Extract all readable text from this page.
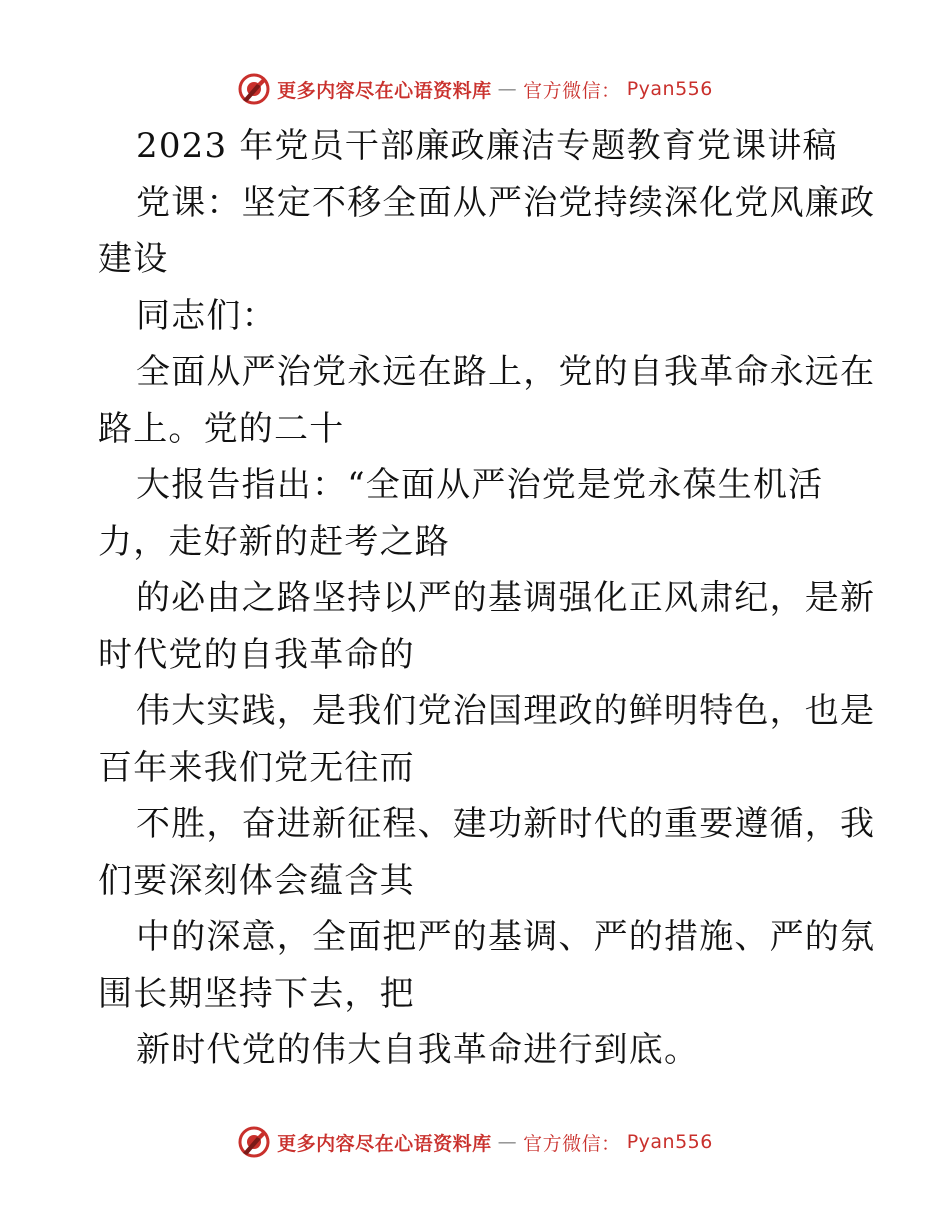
更多内容尽在心语资料库 — 官方微信： Pyan556
2023 年党员干部廉政廉洁专题教育党课讲稿
党课：坚定不移全面从严治党持续深化党风廉政
建设
同志们：
全面从严治党永远在路上，党的自我革命永远在
路上。党的二十
大报告指出：“全面从严治党是党永葆生机活
力，走好新的赶考之路
的必由之路坚持以严的基调强化正风肃纪，是新
时代党的自我革命的
伟大实践，是我们党治国理政的鲜明特色，也是
百年来我们党无往而
不胜，奋进新征程、建功新时代的重要遵循，我
们要深刻体会蕴含其
中的深意，全面把严的基调、严的措施、严的氛
围长期坚持下去，把
新时代党的伟大自我革命进行到底。
更多内容尽在心语资料库 — 官方微信： Pyan556
